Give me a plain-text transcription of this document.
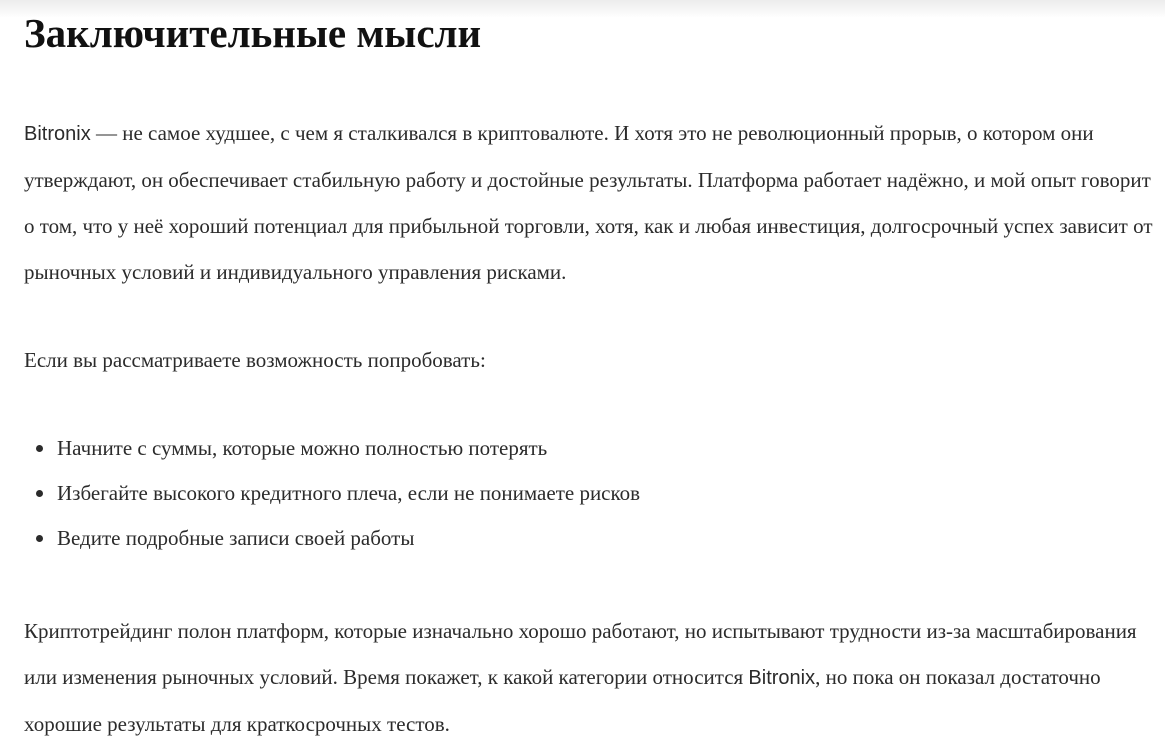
Заключительные мысли

Bitronix — не самое худшее, с чем я сталкивался в криптовалюте. И хотя это не революционный прорыв, о котором они утверждают, он обеспечивает стабильную работу и достойные результаты. Платформа работает надёжно, и мой опыт говорит о том, что у неё хороший потенциал для прибыльной торговли, хотя, как и любая инвестиция, долгосрочный успех зависит от рыночных условий и индивидуального управления рисками.

Если вы рассматриваете возможность попробовать:

Начните с суммы, которые можно полностью потерять
Избегайте высокого кредитного плеча, если не понимаете рисков
Ведите подробные записи своей работы

Криптотрейдинг полон платформ, которые изначально хорошо работают, но испытывают трудности из-за масштабирования или изменения рыночных условий. Время покажет, к какой категории относится Bitronix, но пока он показал достаточно хорошие результаты для краткосрочных тестов.
